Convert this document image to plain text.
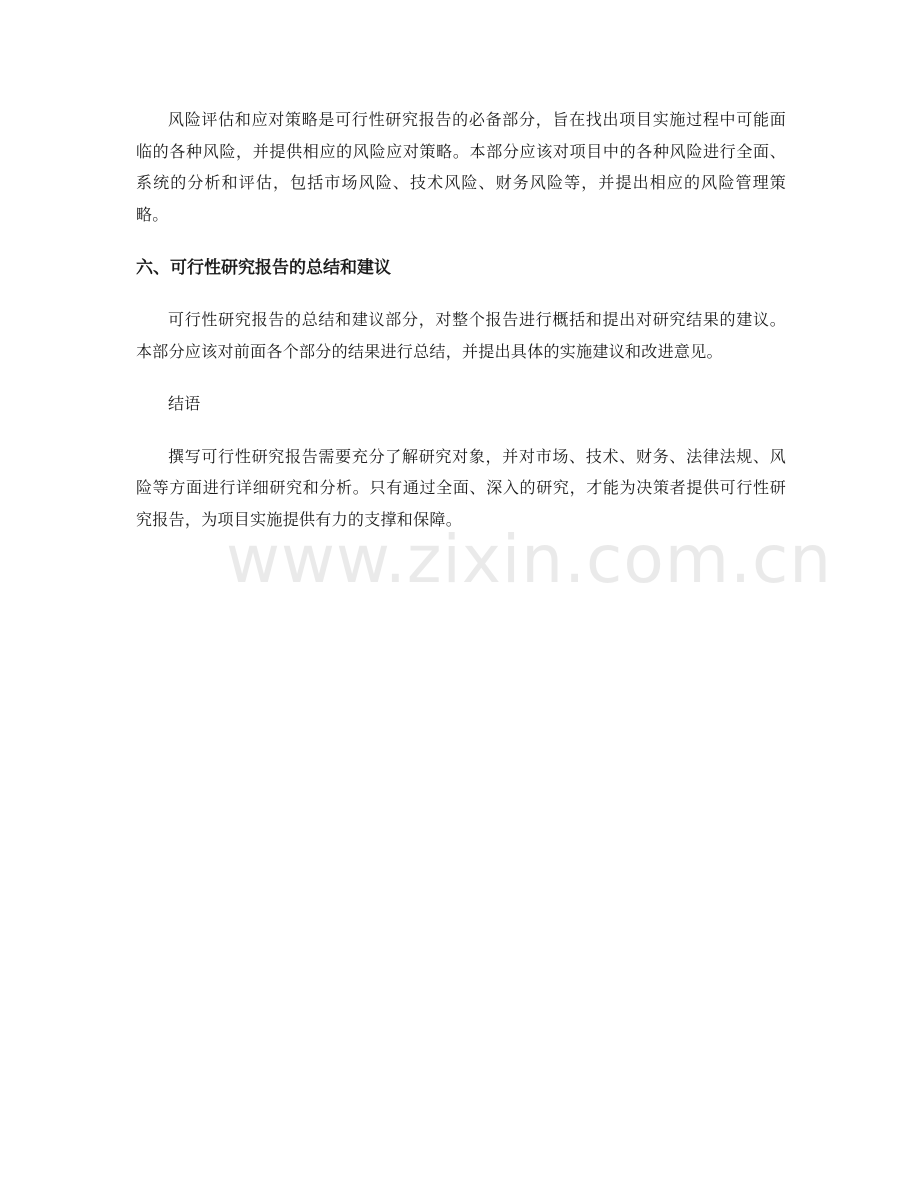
风险评估和应对策略是可行性研究报告的必备部分，旨在找出项目实施过程中可能面临的各种风险，并提供相应的风险应对策略。本部分应该对项目中的各种风险进行全面、系统的分析和评估，包括市场风险、技术风险、财务风险等，并提出相应的风险管理策略。

六、可行性研究报告的总结和建议

可行性研究报告的总结和建议部分，对整个报告进行概括和提出对研究结果的建议。本部分应该对前面各个部分的结果进行总结，并提出具体的实施建议和改进意见。

结语

撰写可行性研究报告需要充分了解研究对象，并对市场、技术、财务、法律法规、风险等方面进行详细研究和分析。只有通过全面、深入的研究，才能为决策者提供可行性研究报告，为项目实施提供有力的支撑和保障。

www.zixin.com.cn
